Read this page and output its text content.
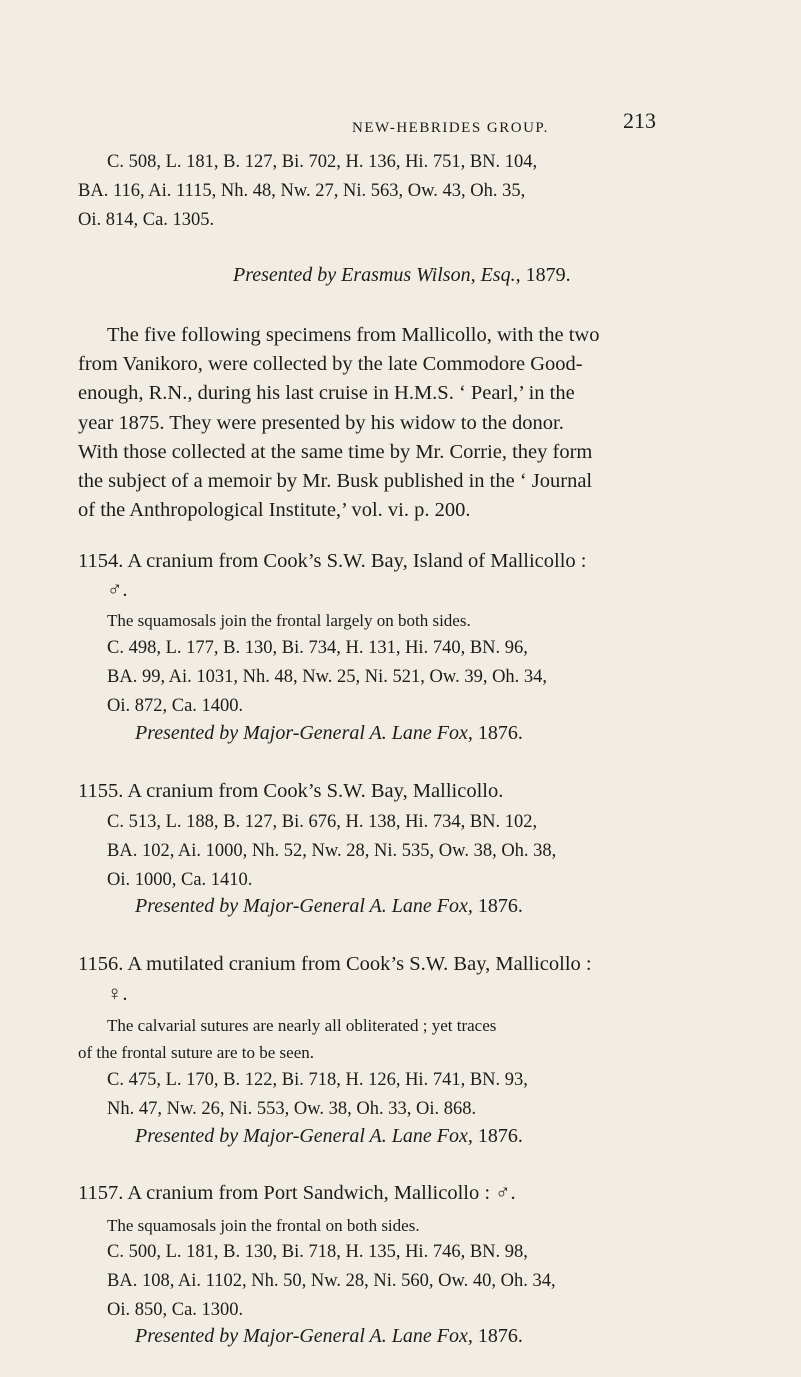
NEW-HEBRIDES GROUP.	213
C. 508, L. 181, B. 127, Bi. 702, H. 136, Hi. 751, BN. 104,
BA. 116, Ai. 1115, Nh. 48, Nw. 27, Ni. 563, Ow. 43, Oh. 35,
Oi. 814, Ca. 1305.
Presented by Erasmus Wilson, Esq., 1879.
The five following specimens from Mallicollo, with the two
from Vanikoro, were collected by the late Commodore Good-
enough, R.N., during his last cruise in H.M.S. ‘ Pearl,’ in the
year 1875. They were presented by his widow to the donor.
With those collected at the same time by Mr. Corrie, they form
the subject of a memoir by Mr. Busk published in the ‘ Journal
of the Anthropological Institute,’ vol. vi. p. 200.
1154. A cranium from Cook’s S.W. Bay, Island of Mallicollo :
♂.
The squamosals join the frontal largely on both sides.
C. 498, L. 177, B. 130, Bi. 734, H. 131, Hi. 740, BN. 96,
BA. 99, Ai. 1031, Nh. 48, Nw. 25, Ni. 521, Ow. 39, Oh. 34,
Oi. 872, Ca. 1400.
Presented by Major-General A. Lane Fox, 1876.
1155. A cranium from Cook’s S.W. Bay, Mallicollo.
C. 513, L. 188, B. 127, Bi. 676, H. 138, Hi. 734, BN. 102,
BA. 102, Ai. 1000, Nh. 52, Nw. 28, Ni. 535, Ow. 38, Oh. 38,
Oi. 1000, Ca. 1410.
Presented by Major-General A. Lane Fox, 1876.
1156. A mutilated cranium from Cook’s S.W. Bay, Mallicollo :
♀.
The calvarial sutures are nearly all obliterated ; yet traces
of the frontal suture are to be seen.
C. 475, L. 170, B. 122, Bi. 718, H. 126, Hi. 741, BN. 93,
Nh. 47, Nw. 26, Ni. 553, Ow. 38, Oh. 33, Oi. 868.
Presented by Major-General A. Lane Fox, 1876.
1157. A cranium from Port Sandwich, Mallicollo : ♂.
The squamosals join the frontal on both sides.
C. 500, L. 181, B. 130, Bi. 718, H. 135, Hi. 746, BN. 98,
BA. 108, Ai. 1102, Nh. 50, Nw. 28, Ni. 560, Ow. 40, Oh. 34,
Oi. 850, Ca. 1300.
Presented by Major-General A. Lane Fox, 1876.
